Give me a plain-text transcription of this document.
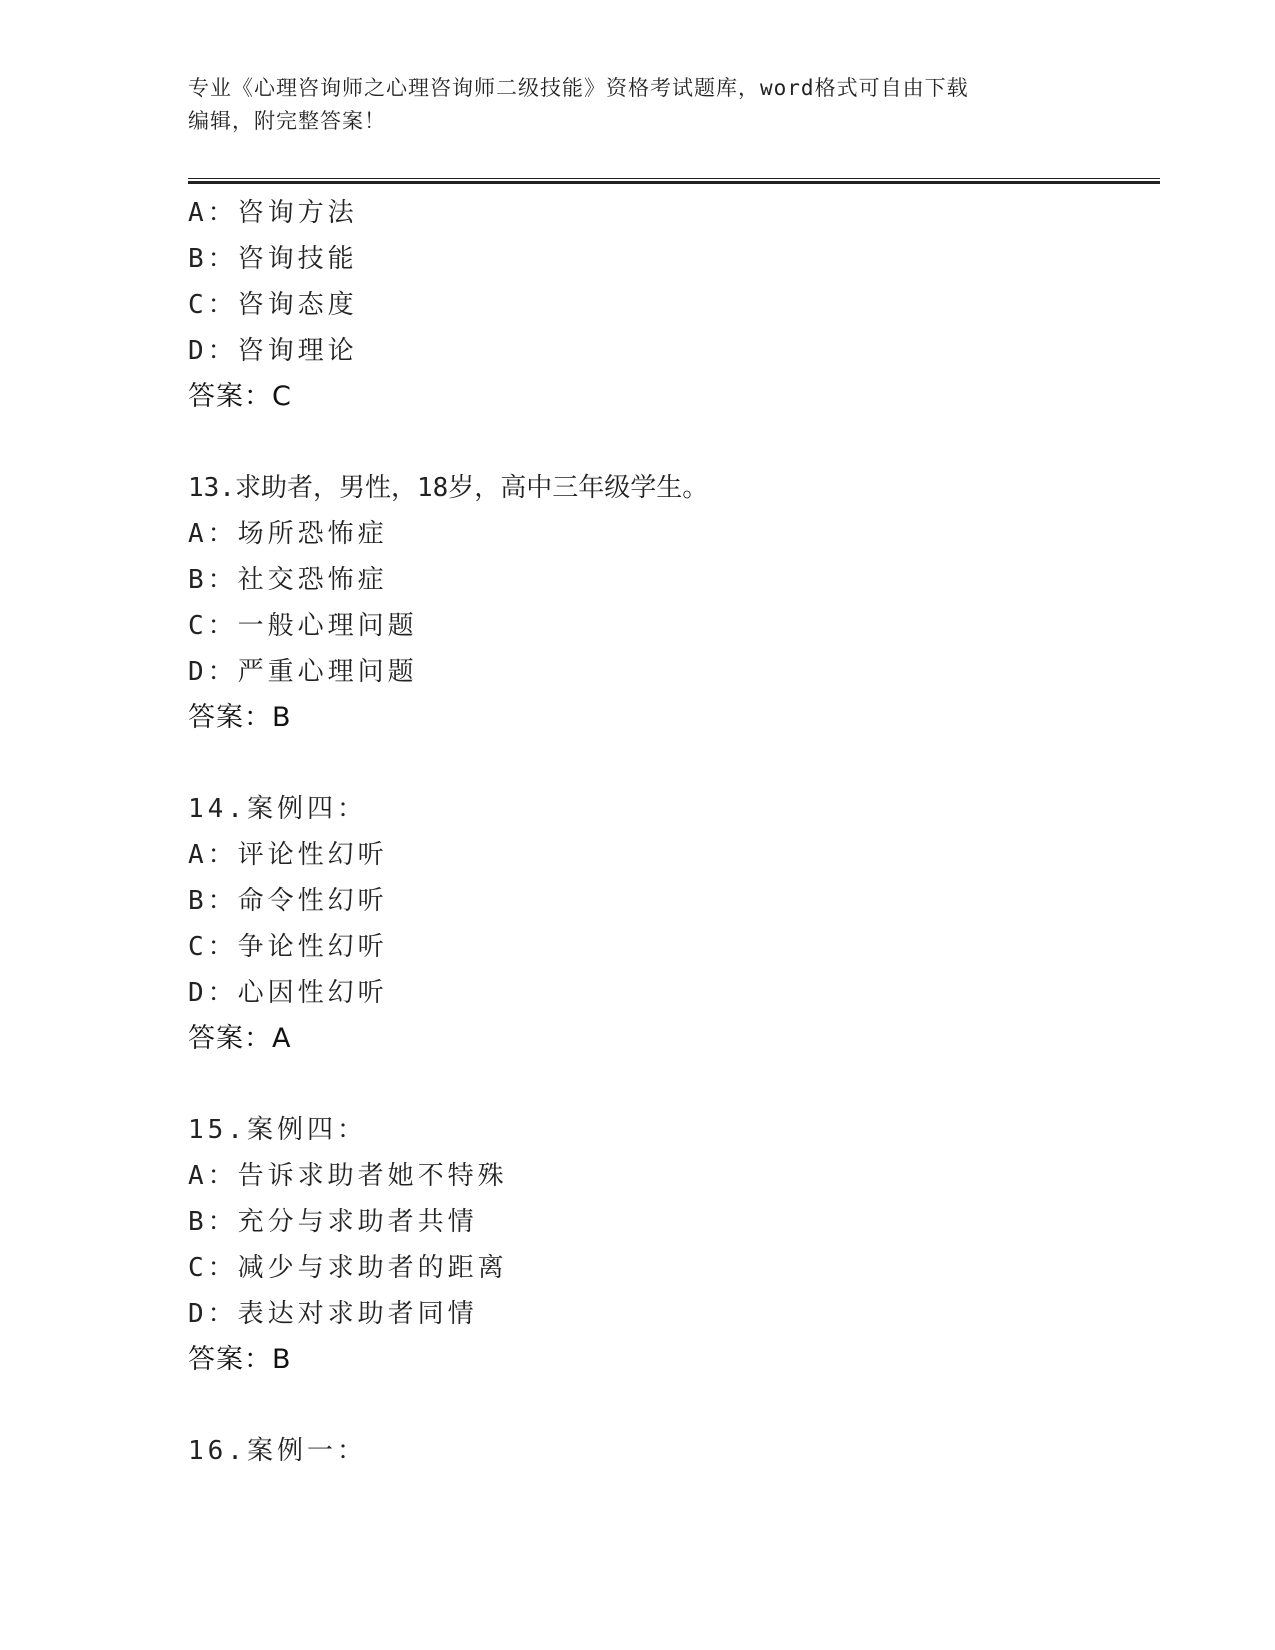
专业《心理咨询师之心理咨询师二级技能》资格考试题库，word格式可自由下载
编辑，附完整答案！
A：咨询方法
B：咨询技能
C：咨询态度
D：咨询理论
答案：C
13.求助者，男性，18岁，高中三年级学生。
A：场所恐怖症
B：社交恐怖症
C：一般心理问题
D：严重心理问题
答案：B
14.案例四：
A：评论性幻听
B：命令性幻听
C：争论性幻听
D：心因性幻听
答案：A
15.案例四：
A：告诉求助者她不特殊
B：充分与求助者共情
C：减少与求助者的距离
D：表达对求助者同情
答案：B
16.案例一：
